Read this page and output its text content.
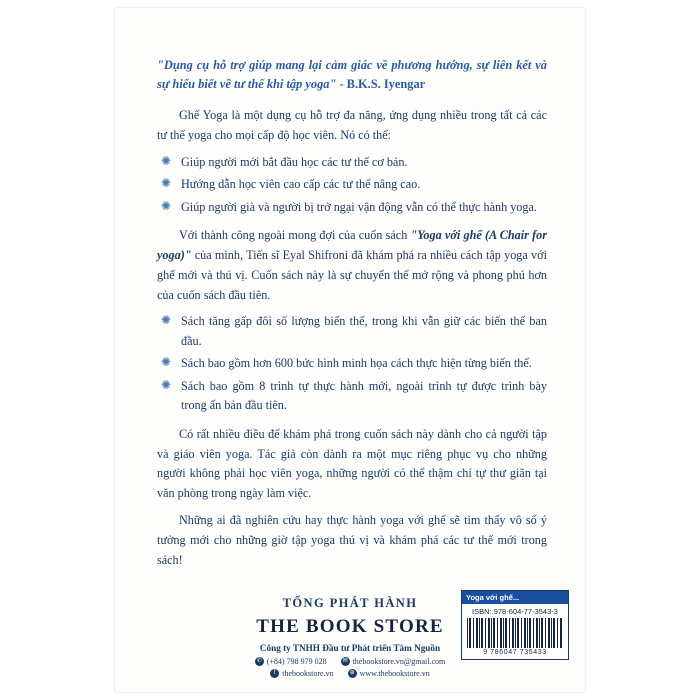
"Dụng cụ hỗ trợ giúp mang lại cảm giác về phương hướng, sự liên kết và sự hiểu biết về tư thế khi tập yoga" - B.K.S. Iyengar

Ghế Yoga là một dụng cụ hỗ trợ đa năng, ứng dụng nhiều trong tất cả các tư thế yoga cho mọi cấp độ học viên. Nó có thể:

✺ Giúp người mới bắt đầu học các tư thế cơ bản.
✺ Hướng dẫn học viên cao cấp các tư thế nâng cao.
✺ Giúp người già và người bị trở ngại vận động vẫn có thể thực hành yoga.

Với thành công ngoài mong đợi của cuốn sách "Yoga với ghế (A Chair for yoga)" của mình, Tiến sĩ Eyal Shifroni đã khám phá ra nhiều cách tập yoga với ghế mới và thú vị. Cuốn sách này là sự chuyển thể mở rộng và phong phú hơn của cuốn sách đầu tiên.

✺ Sách tăng gấp đôi số lượng biến thể, trong khi vẫn giữ các biến thể ban đầu.
✺ Sách bao gồm hơn 600 bức hình minh họa cách thực hiện từng biến thể.
✺ Sách bao gồm 8 trình tự thực hành mới, ngoài trình tự được trình bày trong ấn bản đầu tiên.

Có rất nhiều điều để khám phá trong cuốn sách này dành cho cả người tập và giáo viên yoga. Tác giả còn dành ra một mục riêng phục vụ cho những người không phải học viên yoga, những người có thể thậm chí tự thư giãn tại văn phòng trong ngày làm việc.

Những ai đã nghiên cứu hay thực hành yoga với ghế sẽ tìm thấy vô số ý tưởng mới cho những giờ tập yoga thú vị và khám phá các tư thế mới trong sách!

TỔNG PHÁT HÀNH
THE BOOK STORE
Công ty TNHH Đầu tư Phát triển Tâm Nguồn
✆ (+84) 798 979 028	✉ thebookstore.vn@gmail.com
f thebookstore.vn	⊕ www.thebookstore.vn
Yoga với ghế...
ISBN: 978-604-77-3543-3
9 786047 735433
